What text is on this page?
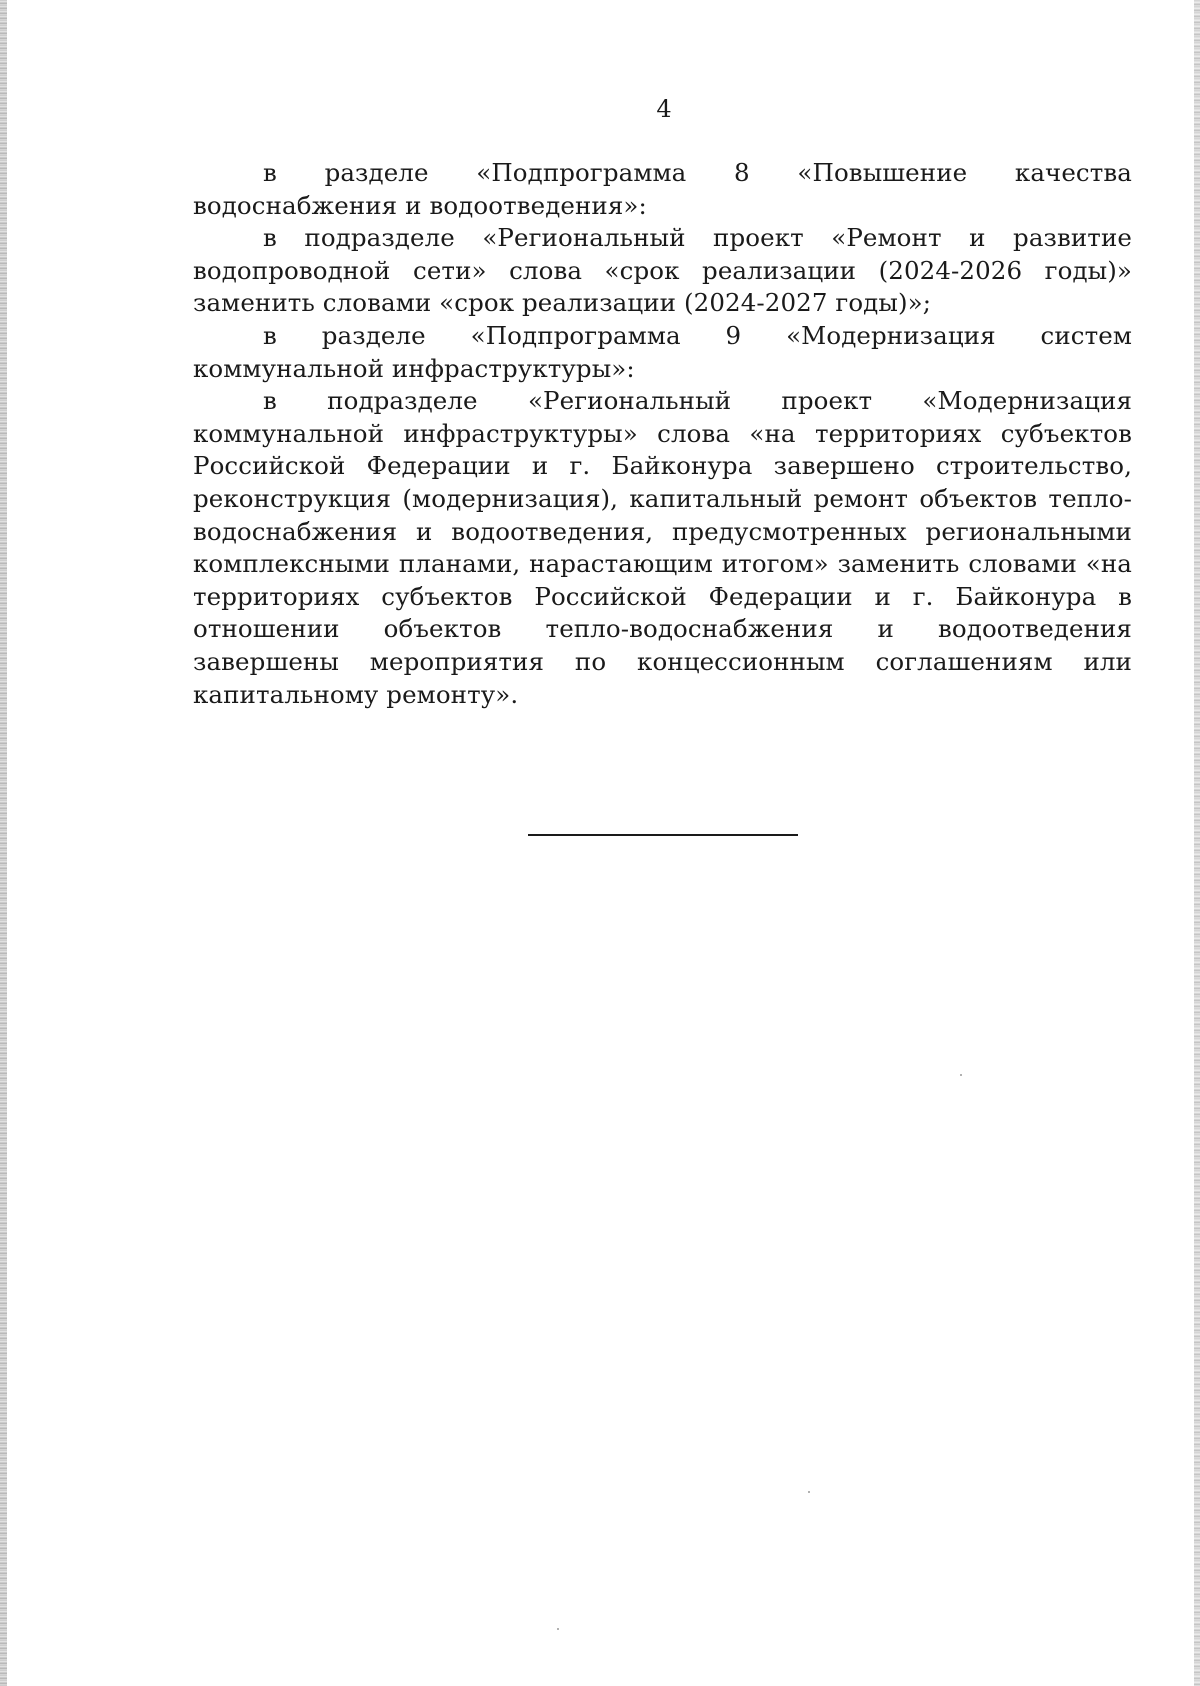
4

в разделе «Подпрограмма 8 «Повышение качества водоснабжения и водоотведения»:

в подразделе «Региональный проект «Ремонт и развитие водопроводной сети» слова «срок реализации (2024-2026 годы)» заменить словами «срок реализации (2024-2027 годы)»;

в разделе «Подпрограмма 9 «Модернизация систем коммунальной инфраструктуры»:

в подразделе «Региональный проект «Модернизация коммунальной инфраструктуры» слова «на территориях субъектов Российской Федерации и г. Байконура завершено строительство, реконструкция (модернизация), капитальный ремонт объектов тепло-водоснабжения и водоотведения, предусмотренных региональными комплексными планами, нарастающим итогом» заменить словами «на территориях субъектов Российской Федерации и г. Байконура в отношении объектов тепло-водоснабжения и водоотведения завершены мероприятия по концессионным соглашениям или капитальному ремонту».
